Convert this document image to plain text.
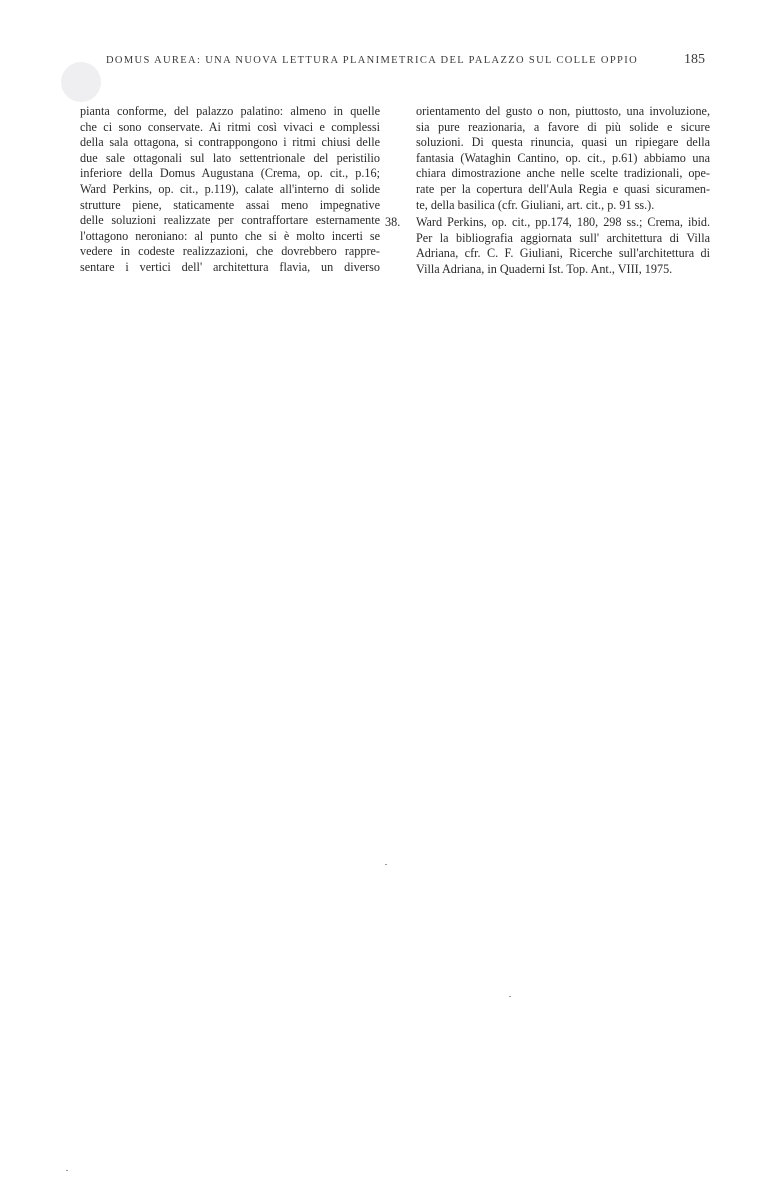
DOMUS AUREA: UNA NUOVA LETTURA PLANIMETRICA DEL PALAZZO SUL COLLE OPPIO	185
pianta conforme, del palazzo palatino: almeno in quelle
che ci sono conservate. Ai ritmi così vivaci e complessi
della sala ottagona, si contrappongono i ritmi chiusi delle
due sale ottagonali sul lato settentrionale del peristilio
inferiore della Domus Augustana (Crema, op. cit., p.16;
Ward Perkins, op. cit., p.119), calate all'interno di solide
strutture piene, staticamente assai meno impegnative
delle soluzioni realizzate per contraffortare esternamente
l'ottagono neroniano: al punto che si è molto incerti se
vedere in codeste realizzazioni, che dovrebbero rappre-
sentare i vertici dell' architettura flavia, un diverso
orientamento del gusto o non, piuttosto, una involuzione,
sia pure reazionaria, a favore di più solide e sicure
soluzioni. Di questa rinuncia, quasi un ripiegare della
fantasia (Wataghin Cantino, op. cit., p.61) abbiamo una
chiara dimostrazione anche nelle scelte tradizionali, ope-
rate per la copertura dell'Aula Regia e quasi sicuramen-
te, della basilica (cfr. Giuliani, art. cit., p. 91 ss.).
38. Ward Perkins, op. cit., pp.174, 180, 298 ss.; Crema, ibid.
Per la bibliografia aggiornata sull' architettura di Villa
Adriana, cfr. C. F. Giuliani, Ricerche sull'architettura di
Villa Adriana, in Quaderni Ist. Top. Ant., VIII, 1975.
